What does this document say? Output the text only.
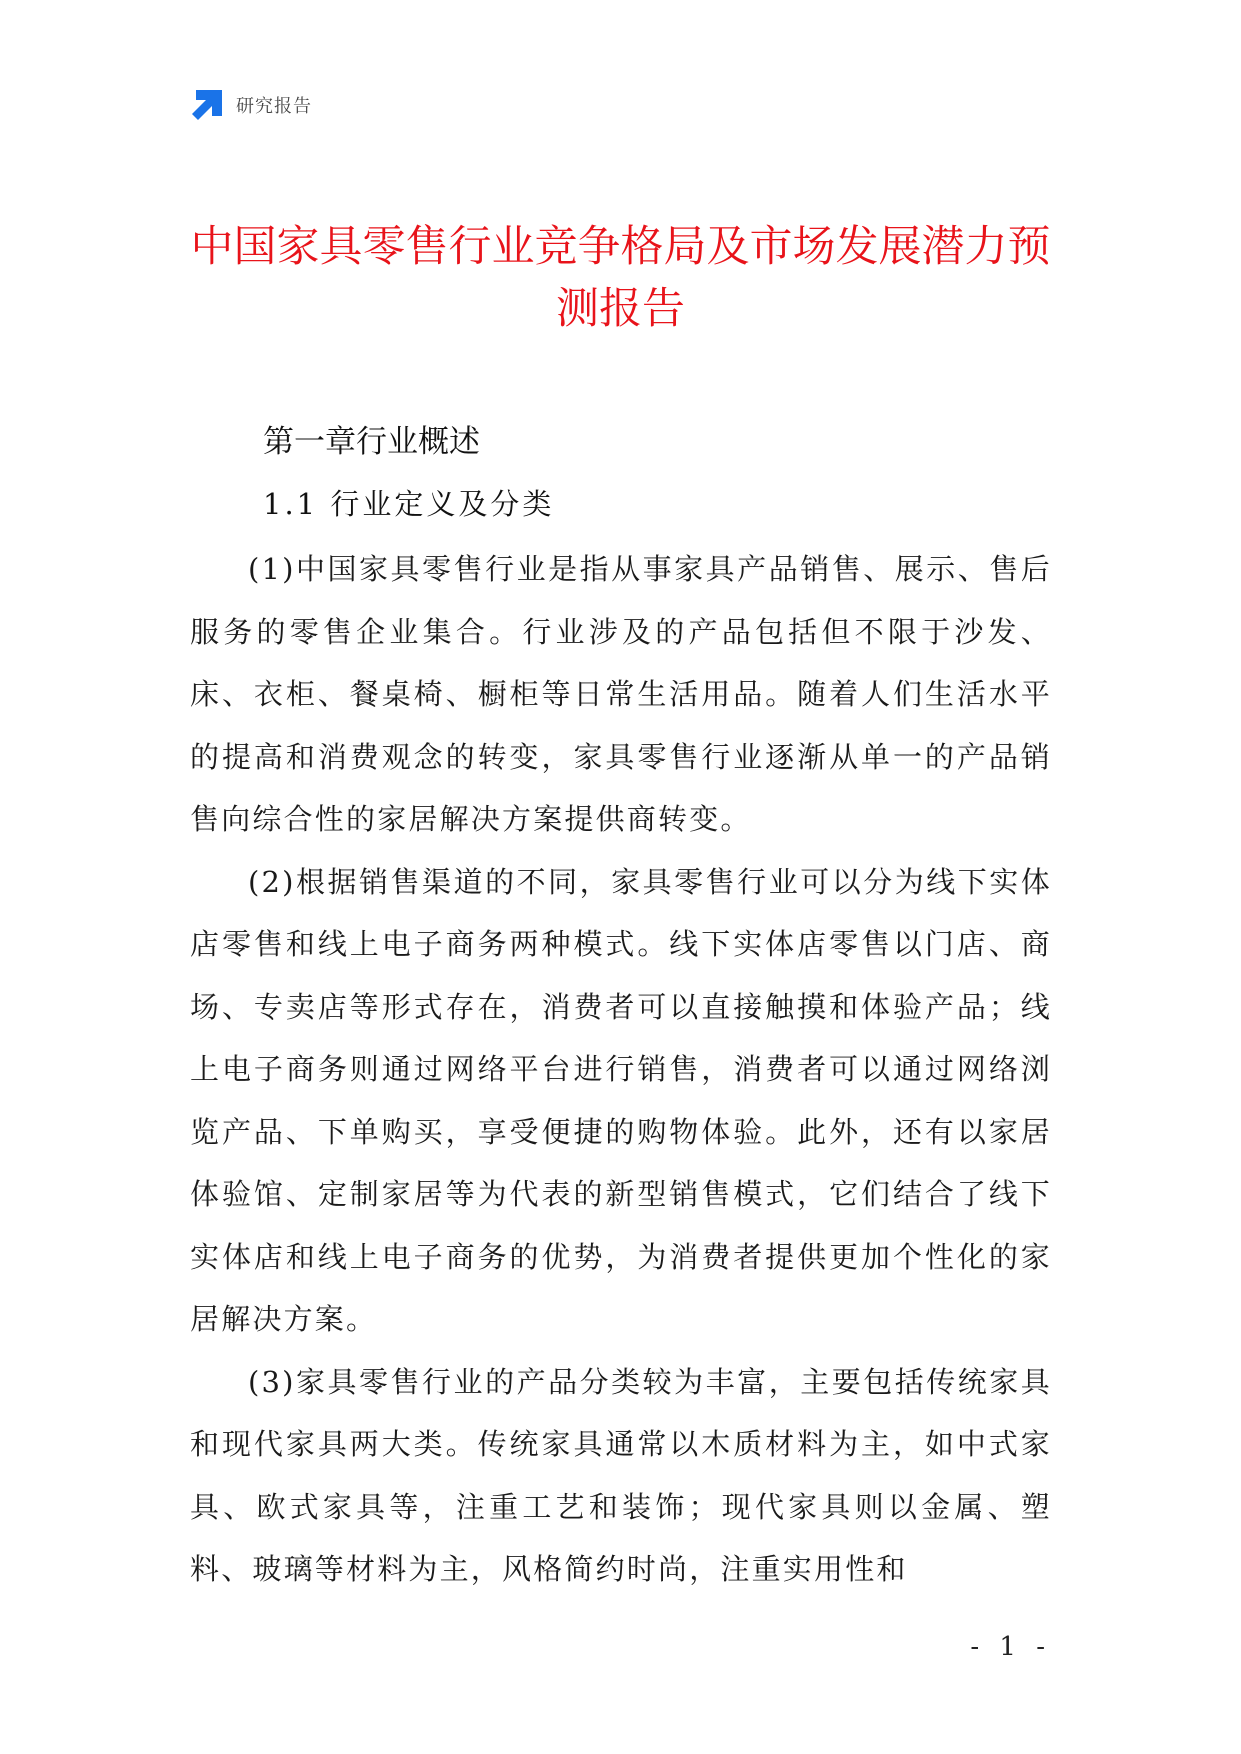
研究报告
中国家具零售行业竞争格局及市场发展潜力预测报告
第一章行业概述
1.1 行业定义及分类

(1)中国家具零售行业是指从事家具产品销售、展示、售后服务的零售企业集合。行业涉及的产品包括但不限于沙发、床、衣柜、餐桌椅、橱柜等日常生活用品。随着人们生活水平的提高和消费观念的转变，家具零售行业逐渐从单一的产品销售向综合性的家居解决方案提供商转变。

(2)根据销售渠道的不同，家具零售行业可以分为线下实体店零售和线上电子商务两种模式。线下实体店零售以门店、商场、专卖店等形式存在，消费者可以直接触摸和体验产品；线上电子商务则通过网络平台进行销售，消费者可以通过网络浏览产品、下单购买，享受便捷的购物体验。此外，还有以家居体验馆、定制家居等为代表的新型销售模式，它们结合了线下实体店和线上电子商务的优势，为消费者提供更加个性化的家居解决方案。

(3)家具零售行业的产品分类较为丰富，主要包括传统家具和现代家具两大类。传统家具通常以木质材料为主，如中式家具、欧式家具等，注重工艺和装饰；现代家具则以金属、塑料、玻璃等材料为主，风格简约时尚，注重实用性和

- 1 -
